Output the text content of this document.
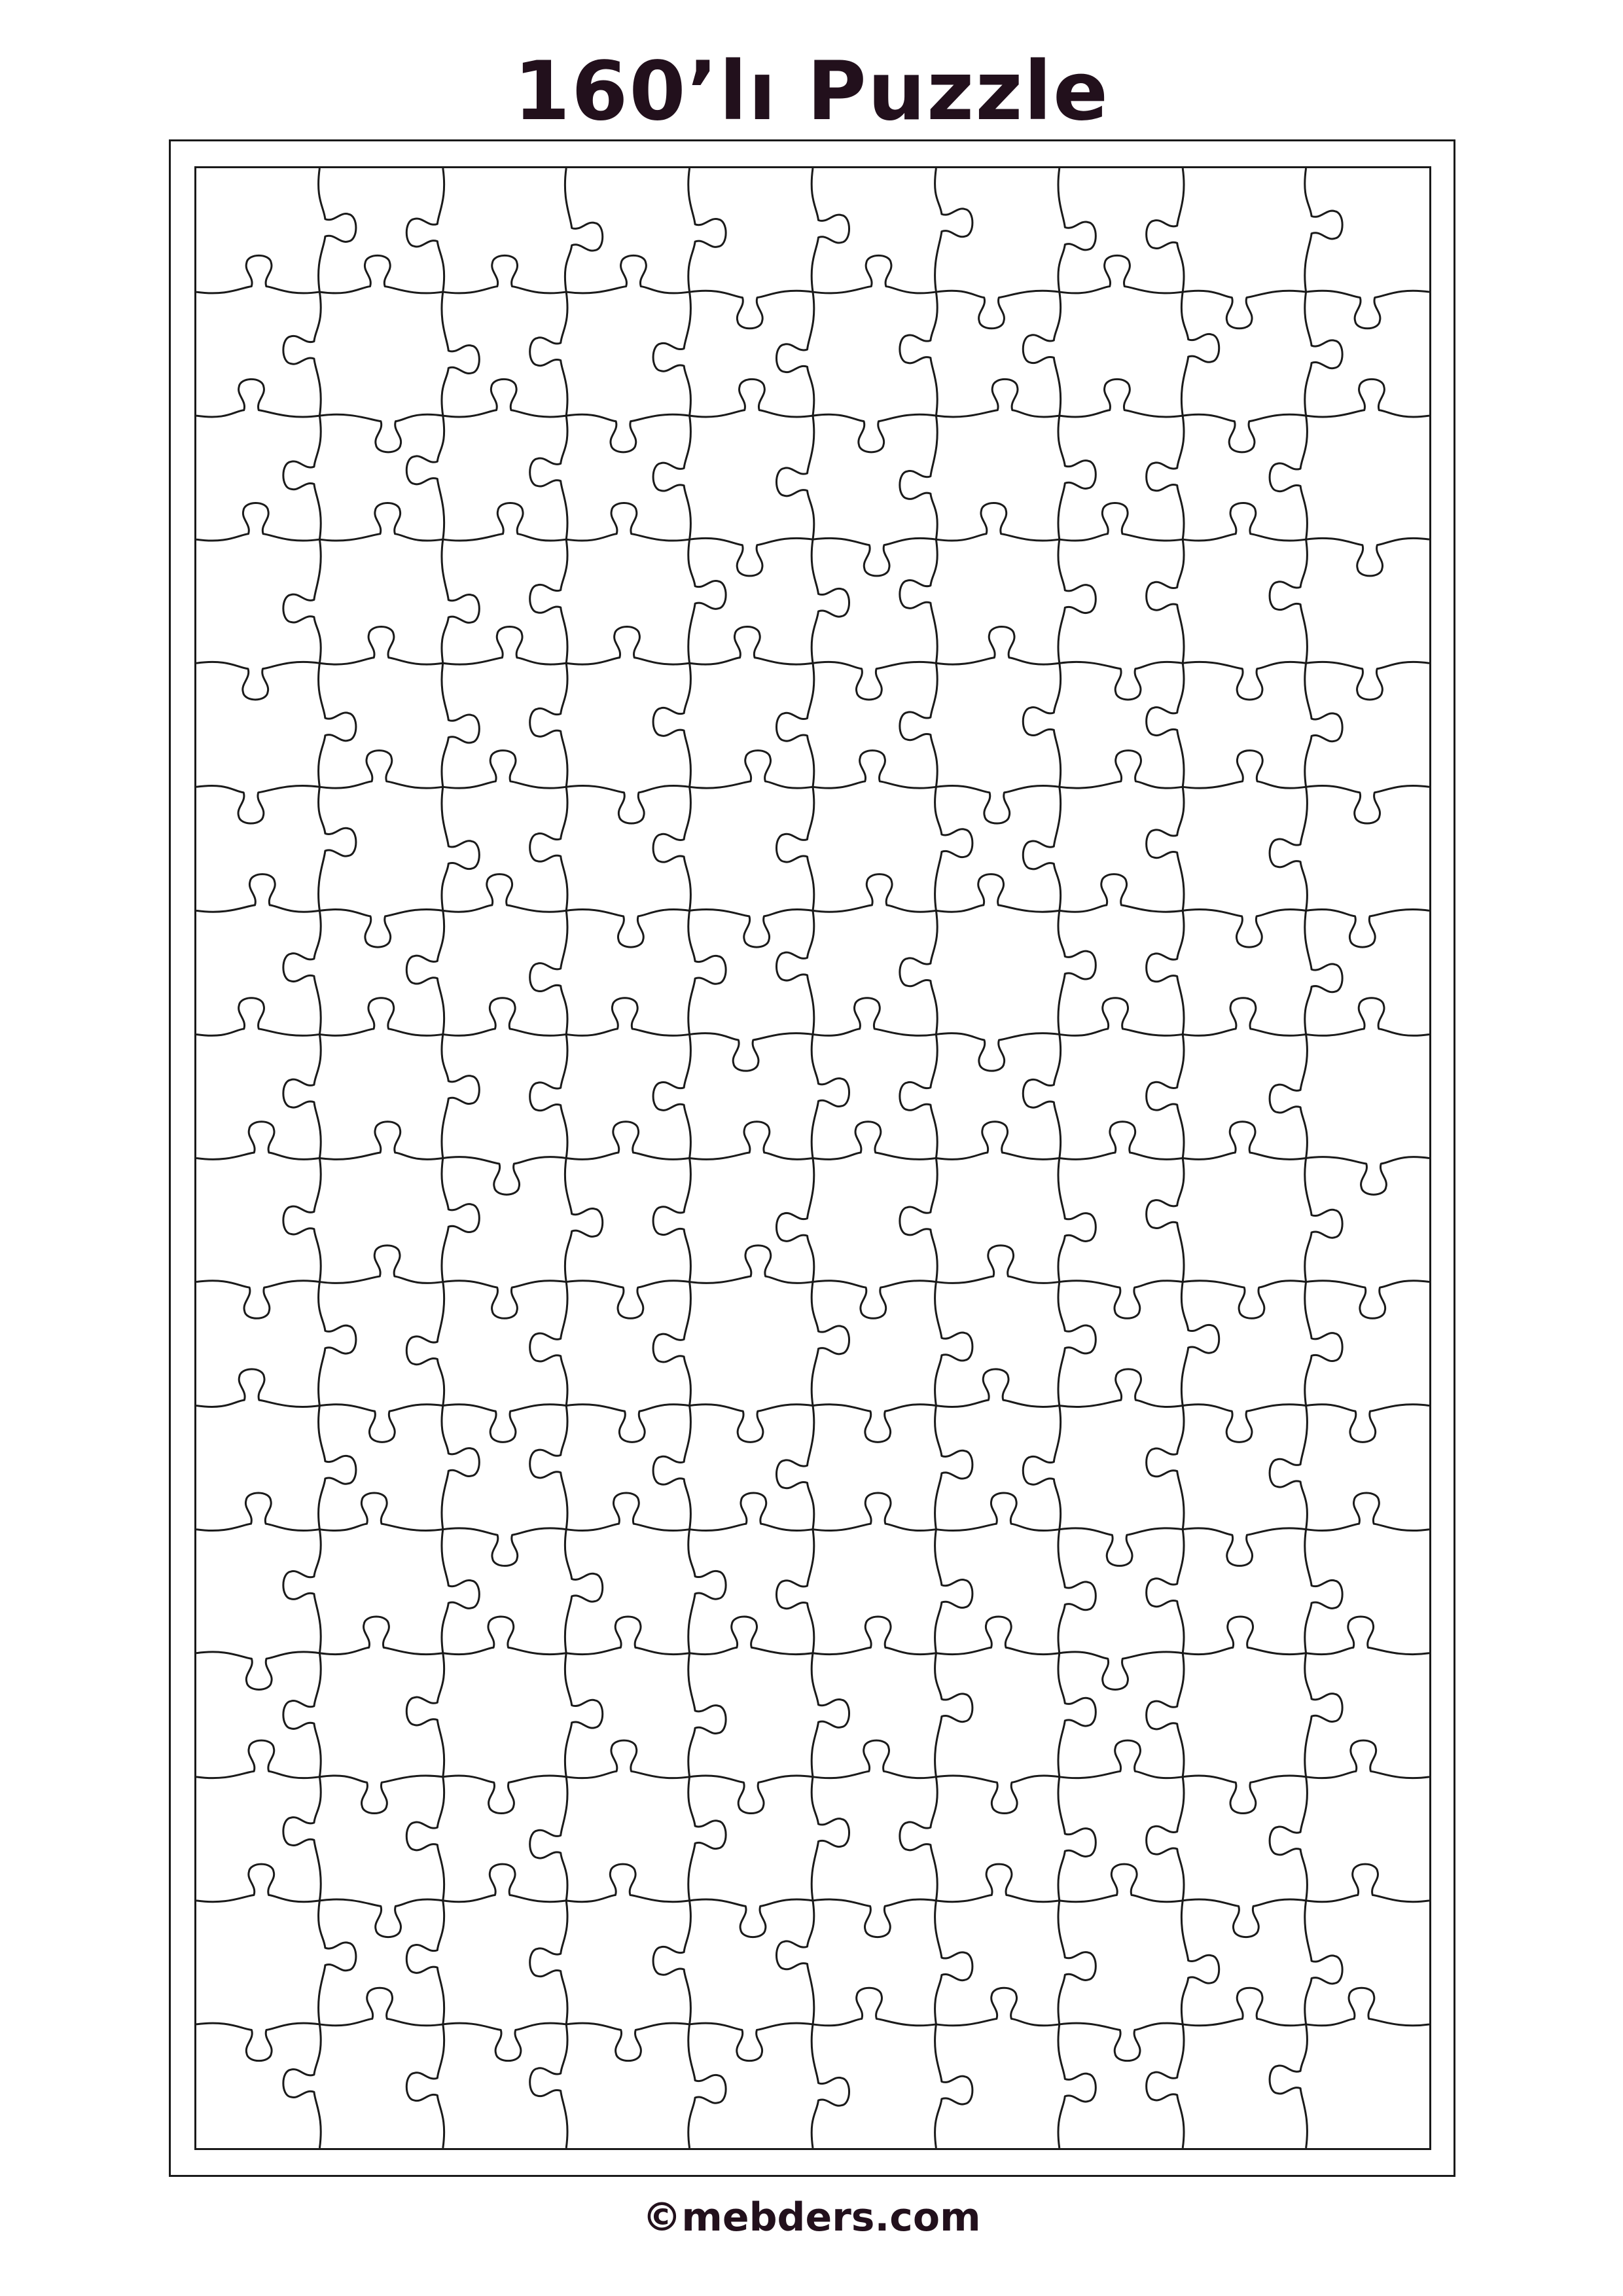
160’lı Puzzle
©mebders.com
